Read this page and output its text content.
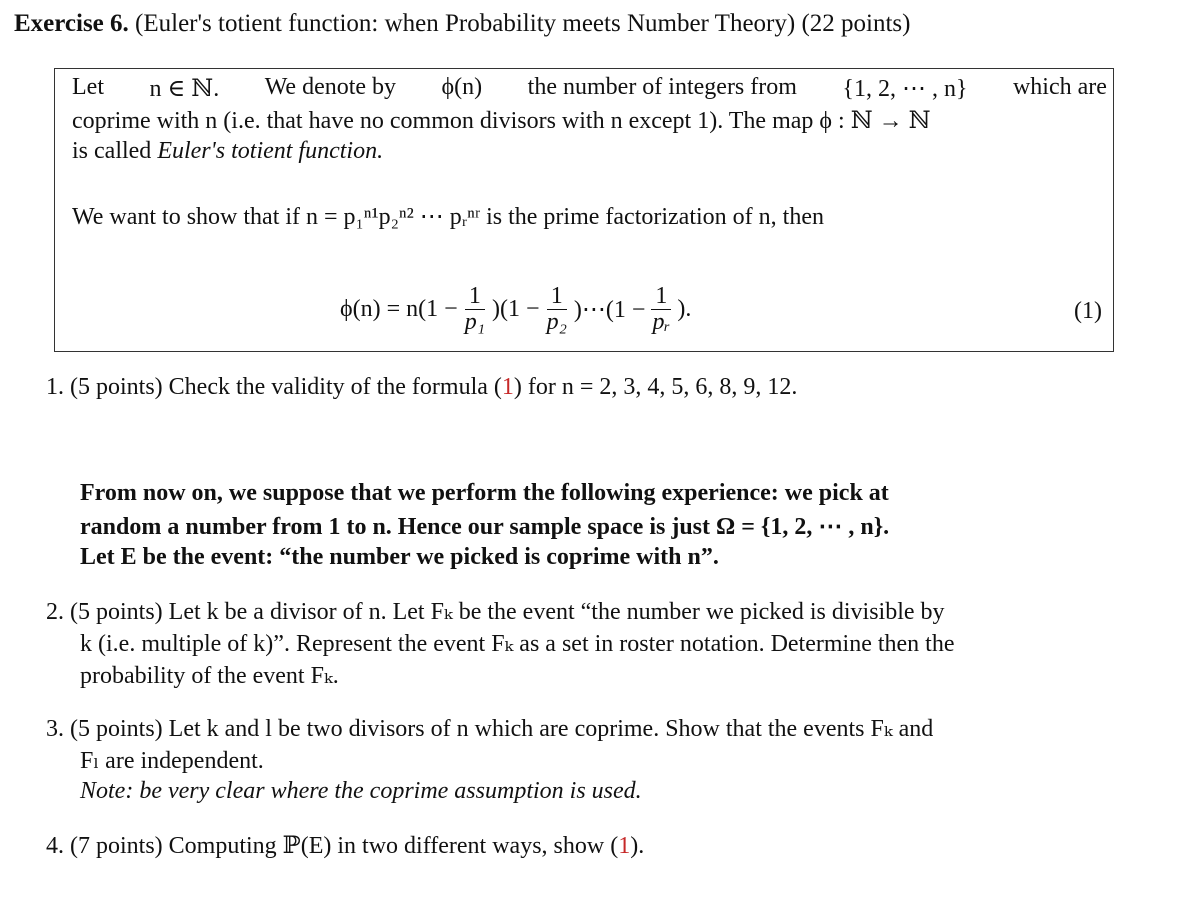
Exercise 6. (Euler's totient function: when Probability meets Number Theory) (22 points)
Let n ∈ ℕ. We denote by ϕ(n) the number of integers from {1, 2, ⋯ , n} which are
coprime with n (i.e. that have no common divisors with n except 1). The map ϕ : ℕ → ℕ
is called Euler's totient function.
We want to show that if n = p₁ⁿ¹p₂ⁿ² ⋯ pᵣⁿʳ is the prime factorization of n, then
$\phi(n) = n(1 - \frac{1}{\text{p₁}} )(1 - \frac{1}{\text{p₂}}$ )⋯(1 − $\frac{1}{\text{pᵣ}}$ ).	(1)
1. (5 points) Check the validity of the formula (1) for n = 2, 3, 4, 5, 6, 8, 9, 12.
From now on, we suppose that we perform the following experience: we pick at
random a number from 1 to n. Hence our sample space is just Ω = {1, 2, ⋯ , n}.
Let E be the event: “the number we picked is coprime with n”.
2. (5 points) Let k be a divisor of n. Let Fₖ be the event “the number we picked is divisible by
k (i.e. multiple of k)”. Represent the event Fₖ as a set in roster notation. Determine then the
probability of the event Fₖ.
3. (5 points) Let k and l be two divisors of n which are coprime. Show that the events Fₖ and
Fₗ are independent.
Note: be very clear where the coprime assumption is used.
4. (7 points) Computing ℙ(E) in two different ways, show (1).
